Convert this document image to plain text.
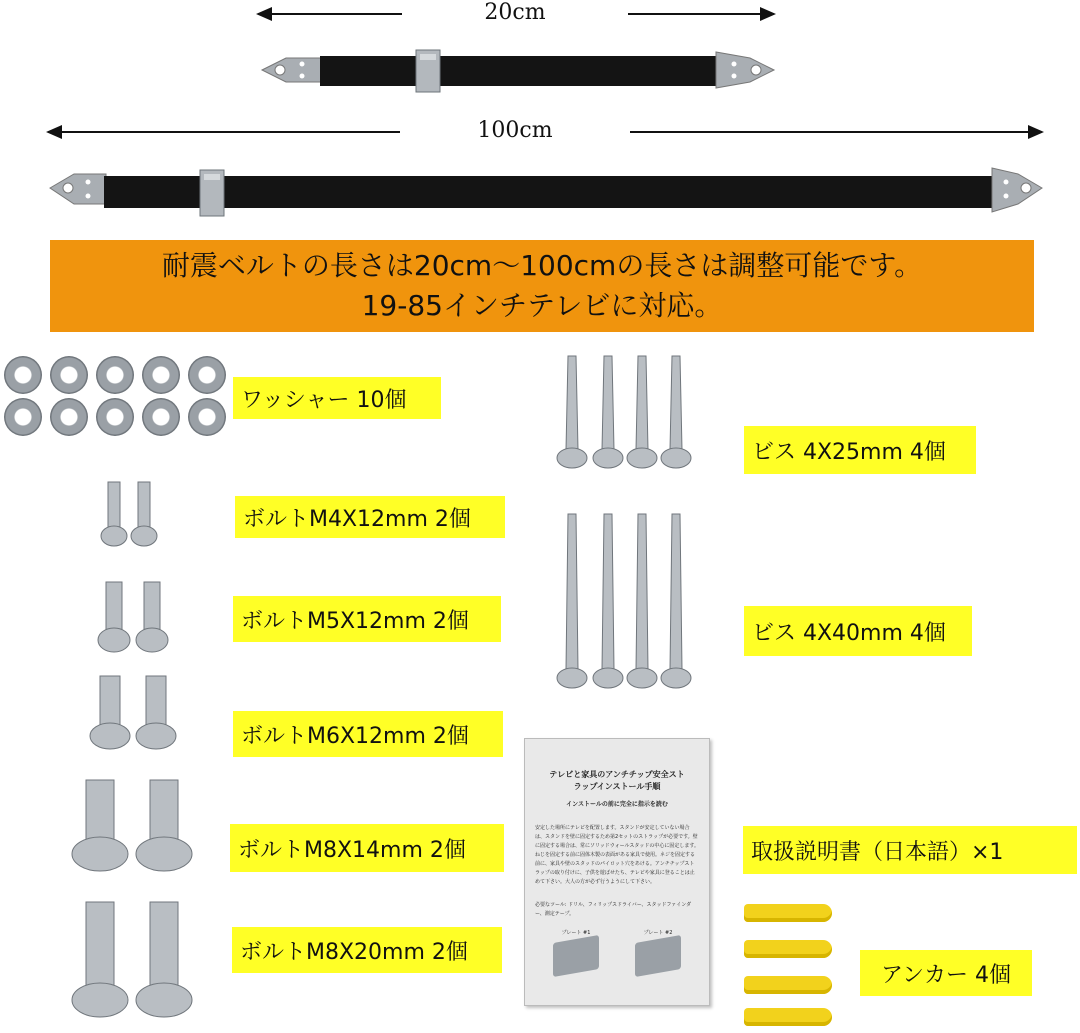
20cm
100cm
耐震ベルトの長さは20cm～100cmの長さは調整可能です。
19-85インチテレビに対応。
ワッシャー 10個
ボルトM4X12mm 2個
ボルトM5X12mm 2個
ボルトM6X12mm 2個
ボルトM8X14mm 2個
ボルトM8X20mm 2個
ビス 4X25mm 4個
ビス 4X40mm 4個
テレビと家具のアンチチップ安全スト
ラップインストール手順
インストールの前に完全に指示を読む
安定した場所にテレビを配置します。スタンドが安定していない場合は、スタンドを壁に固定するため第2セットのストラップが必要です。壁に固定する場合は、常にソリッドウォールスタッドの中心に固定します。ねじを固定する前に固体木製の表面がある家具で使用。ネジを固定する前に、家具や壁のスタッドのパイロット穴をあける。アンチチップストラップの取り付けに、子供を遊ばせたち、テレビや家具に登ることは止めて下さい。大人の方が必ず行うようにして下さい。
必要なツール: ドリル、フィリップスドライバー、スタッドファインダー、測定テープ。
プレート #1	プレート #2
取扱説明書（日本語）×1
アンカー 4個
